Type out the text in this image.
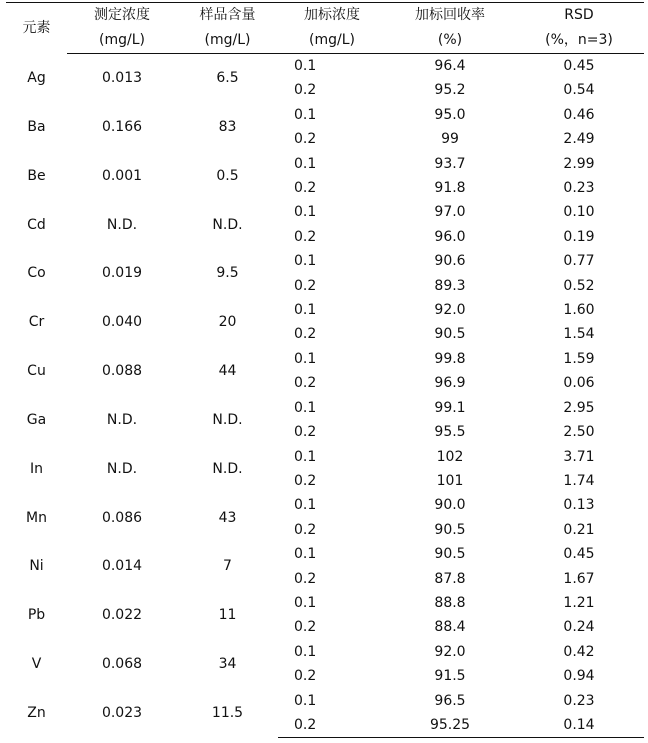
元素	测定浓度	样品含量	加标浓度	加标回收率	RSD
	(mg/L)	(mg/L)	(mg/L)	(%)	(%，n=3)
Ag	0.013	6.5	0.1	96.4	0.45
			0.2	95.2	0.54
Ba	0.166	83	0.1	95.0	0.46
			0.2	99	2.49
Be	0.001	0.5	0.1	93.7	2.99
			0.2	91.8	0.23
Cd	N.D.	N.D.	0.1	97.0	0.10
			0.2	96.0	0.19
Co	0.019	9.5	0.1	90.6	0.77
			0.2	89.3	0.52
Cr	0.040	20	0.1	92.0	1.60
			0.2	90.5	1.54
Cu	0.088	44	0.1	99.8	1.59
			0.2	96.9	0.06
Ga	N.D.	N.D.	0.1	99.1	2.95
			0.2	95.5	2.50
In	N.D.	N.D.	0.1	102	3.71
			0.2	101	1.74
Mn	0.086	43	0.1	90.0	0.13
			0.2	90.5	0.21
Ni	0.014	7	0.1	90.5	0.45
			0.2	87.8	1.67
Pb	0.022	11	0.1	88.8	1.21
			0.2	88.4	0.24
V	0.068	34	0.1	92.0	0.42
			0.2	91.5	0.94
Zn	0.023	11.5	0.1	96.5	0.23
			0.2	95.25	0.14
